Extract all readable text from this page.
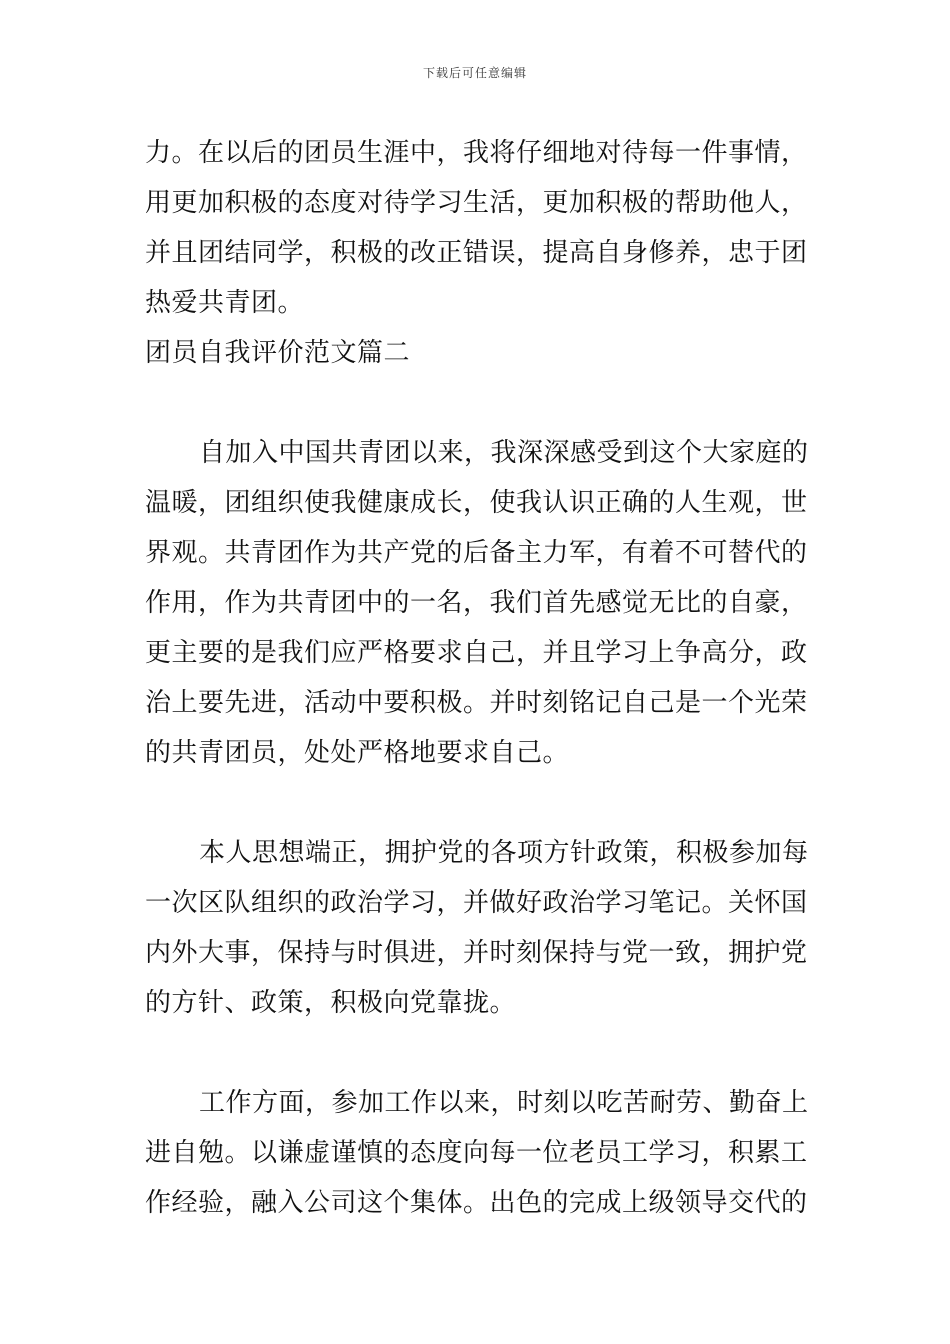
下载后可任意编辑
力。在以后的团员生涯中，我将仔细地对待每一件事情，
用更加积极的态度对待学习生活，更加积极的帮助他人，
并且团结同学，积极的改正错误，提高自身修养，忠于团
热爱共青团。
团员自我评价范文篇二
自加入中国共青团以来，我深深感受到这个大家庭的
温暖，团组织使我健康成长，使我认识正确的人生观，世
界观。共青团作为共产党的后备主力军，有着不可替代的
作用，作为共青团中的一名，我们首先感觉无比的自豪，
更主要的是我们应严格要求自己，并且学习上争高分，政
治上要先进，活动中要积极。并时刻铭记自己是一个光荣
的共青团员，处处严格地要求自己。
本人思想端正，拥护党的各项方针政策，积极参加每
一次区队组织的政治学习，并做好政治学习笔记。关怀国
内外大事，保持与时俱进，并时刻保持与党一致，拥护党
的方针、政策，积极向党靠拢。
工作方面，参加工作以来，时刻以吃苦耐劳、勤奋上
进自勉。以谦虚谨慎的态度向每一位老员工学习，积累工
作经验，融入公司这个集体。出色的完成上级领导交代的
